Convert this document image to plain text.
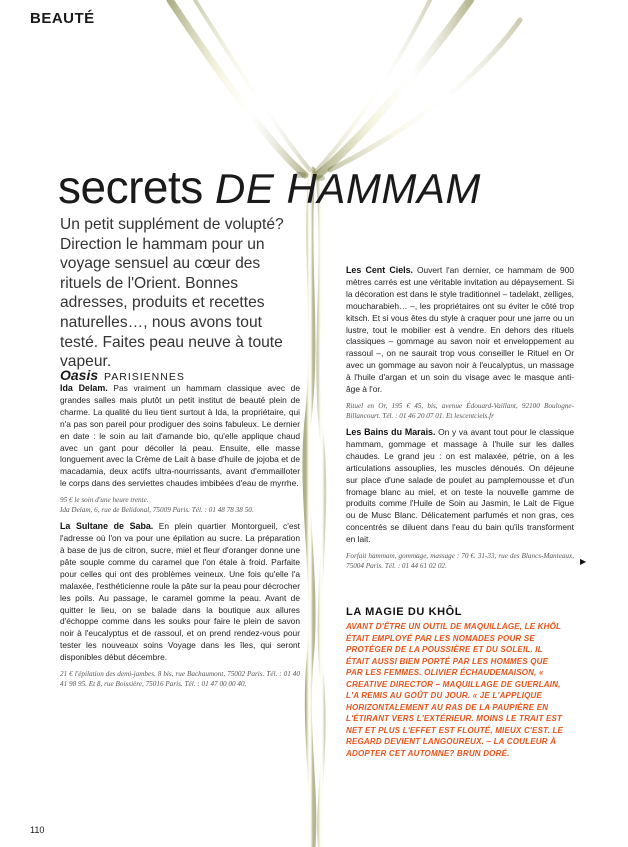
BEAUTÉ
secrets DE HAMMAM
Un petit supplément de volupté? Direction le hammam pour un voyage sensuel au cœur des rituels de l'Orient. Bonnes adresses, produits et recettes naturelles…, nous avons tout testé. Faites peau neuve à toute vapeur.
Oasis PARISIENNES

Ida Delam. Pas vraiment un hammam classique avec de grandes salles mais plutôt un petit institut de beauté plein de charme. La qualité du lieu tient surtout à Ida, la propriétaire, qui n'a pas son pareil pour prodiguer des soins fabuleux. Le dernier en date : le soin au lait d'amande bio, qu'elle applique chaud avec un gant pour décoller la peau. Ensuite, elle masse longuement avec la Crème de Lait à base d'huile de jojoba et de macadamia, deux actifs ultra-nourrissants, avant d'emmailloter le corps dans des serviettes chaudes imbibées d'eau de myrrhe.

95 € le soin d'une heure trente.
Ida Delam, 6, rue de Belidonal, 75009 Paris. Tél. : 01 48 78 38 50.

La Sultane de Saba. En plein quartier Montorgueil, c'est l'adresse où l'on va pour une épilation au sucre. La préparation à base de jus de citron, sucre, miel et fleur d'oranger donne une pâte souple comme du caramel que l'on étale à froid. Parfaite pour celles qui ont des problèmes veineux. Une fois qu'elle l'a malaxée, l'esthéticienne roule la pâte sur la peau pour décrocher les poils. Au passage, le caramel gomme la peau. Avant de quitter le lieu, on se balade dans la boutique aux allures d'échoppe comme dans les souks pour faire le plein de savon noir à l'eucalyptus et de rassoul, et on prend rendez-vous pour tester les nouveaux soins Voyage dans les îles, qui seront disponibles début décembre.

21 € l'épilation des demi-jambes. 8 bis, rue Bachaumont, 75002 Paris. Tél. : 01 40 41 98 95. Et 8, rue Boissière, 75016 Paris. Tél. : 01 47 00 00 40.

Les Cent Ciels. Ouvert l'an dernier, ce hammam de 900 mètres carrés est une véritable invitation au dépaysement. Si la décoration est dans le style traditionnel – tadelakt, zelliges, moucharabieh… –, les propriétaires ont su éviter le côté trop kitsch. Et si vous êtes du style à craquer pour une jarre ou un lustre, tout le mobilier est à vendre. En dehors des rituels classiques – gommage au savon noir et enveloppement au rassoul –, on ne saurait trop vous conseiller le Rituel en Or avec un gommage au savon noir à l'eucalyptus, un massage à l'huile d'argan et un soin du visage avec le masque anti-âge à l'or.

Rituel en Or, 195 € 45, bis, avenue Édouard-Vaillant, 92100 Boulogne-Billancourt. Tél. : 01 46 20 07 01. Et lescentciels.fr

Les Bains du Marais. On y va avant tout pour le classique hammam, gommage et massage à l'huile sur les dalles chaudes. Le grand jeu : on est malaxée, pétrie, on a les articulations assouplies, les muscles dénoués. On déjeune sur place d'une salade de poulet au pamplemousse et d'un fromage blanc au miel, et on teste la nouvelle gamme de produits comme l'Huile de Soin au Jasmin, le Lait de Figue ou de Musc Blanc. Délicatement parfumés et non gras, ces concentrés se diluent dans l'eau du bain qu'ils transforment en lait.

Forfait hammam, gommage, massage : 70 €. 31-33, rue des Blancs-Manteaux, 75004 Paris. Tél. : 01 44 61 02 02.
▶
LA MAGIE DU KHÔL
AVANT D'ÊTRE UN OUTIL DE MAQUILLAGE, LE KHÔL ÉTAIT EMPLOYÉ PAR LES NOMADES POUR SE PROTÉGER DE LA POUSSIÈRE ET DU SOLEIL. IL ÉTAIT AUSSI BIEN PORTÉ PAR LES HOMMES QUE PAR LES FEMMES. OLIVIER ÉCHAUDEMAISON, « CREATIVE DIRECTOR – MAQUILLAGE DE GUERLAIN, L'A REMIS AU GOÛT DU JOUR. « JE L'APPLIQUE HORIZONTALEMENT AU RAS DE LA PAUPIÈRE EN L'ÉTIRANT VERS L'EXTÉRIEUR. MOINS LE TRAIT EST NET ET PLUS L'EFFET EST FLOUTÉ, MIEUX C'EST. LE REGARD DEVIENT LANGOUREUX. – LA COULEUR À ADOPTER CET AUTOMNE? BRUN DORÉ.
110
